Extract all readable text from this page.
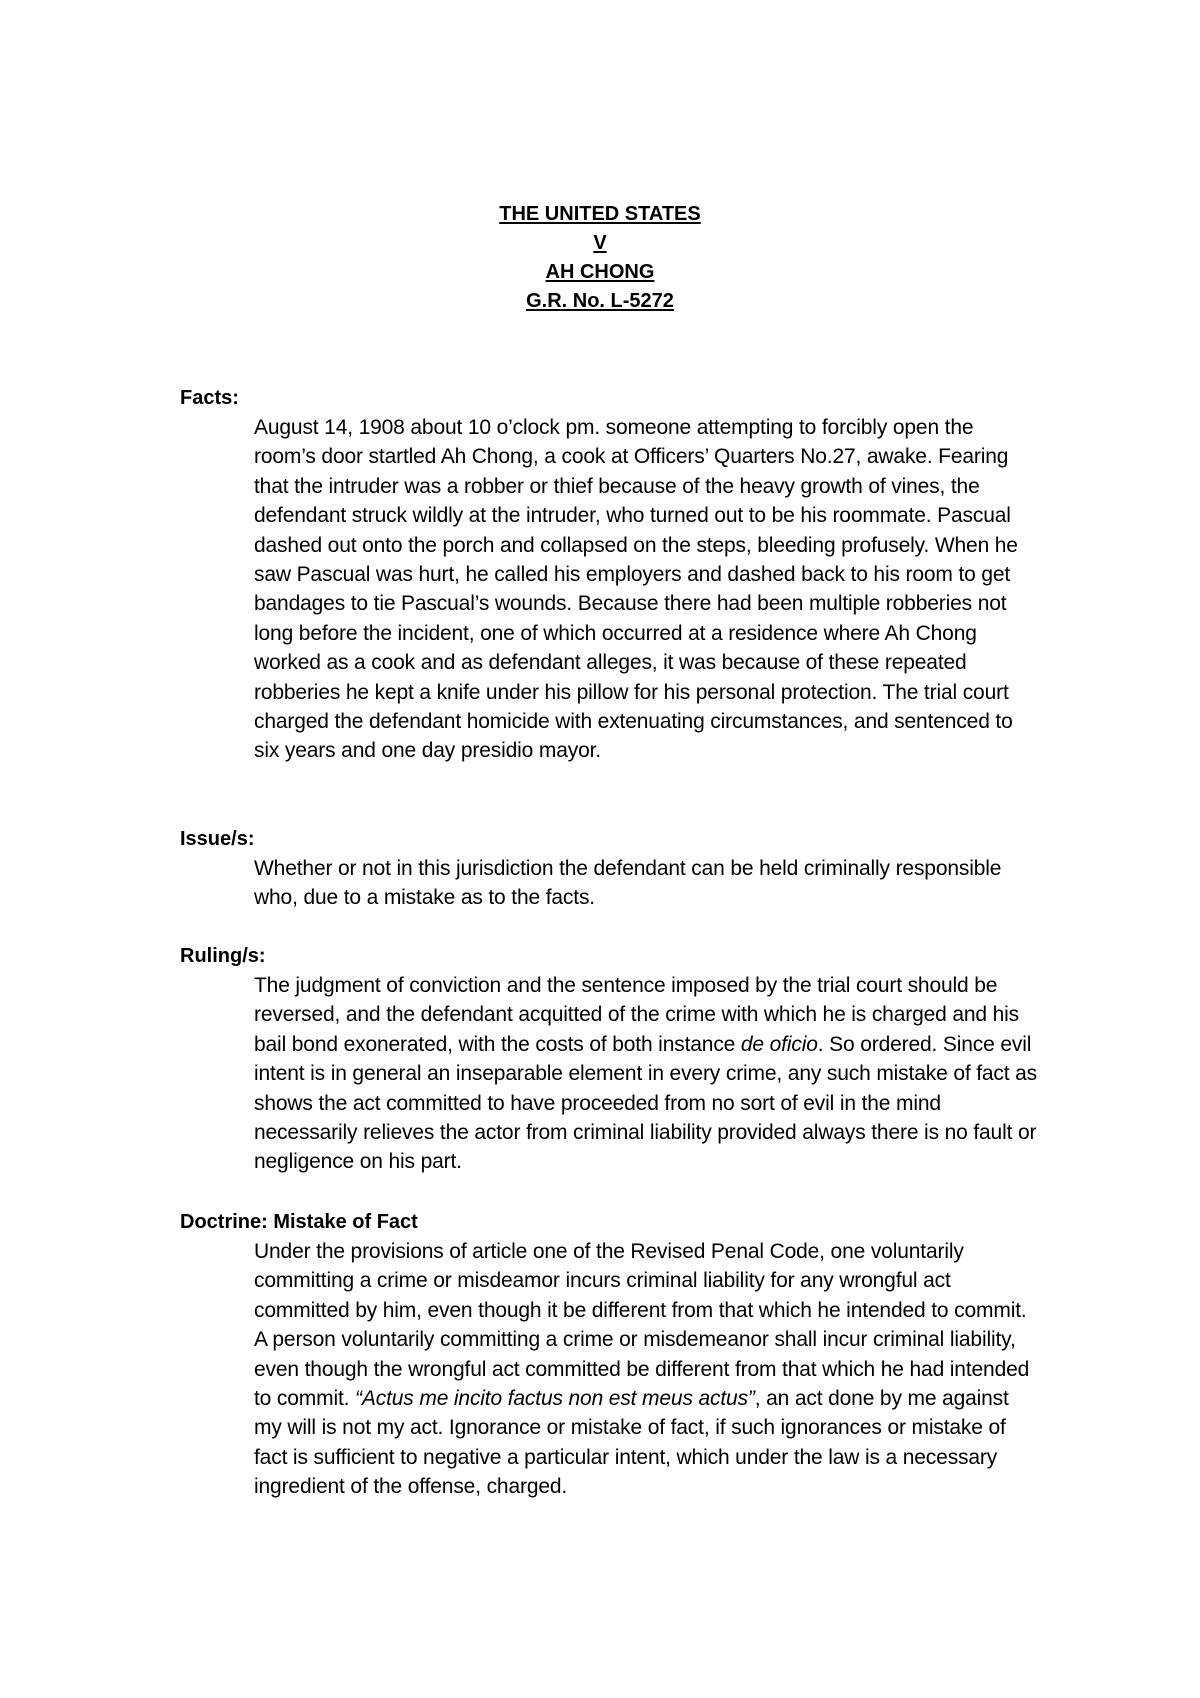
THE UNITED STATES
V
AH CHONG
G.R. No. L-5272

Facts:

August 14, 1908 about 10 o’clock pm. someone attempting to forcibly open the room’s door startled Ah Chong, a cook at Officers’ Quarters No.27, awake. Fearing that the intruder was a robber or thief because of the heavy growth of vines, the defendant struck wildly at the intruder, who turned out to be his roommate. Pascual dashed out onto the porch and collapsed on the steps, bleeding profusely. When he saw Pascual was hurt, he called his employers and dashed back to his room to get bandages to tie Pascual’s wounds. Because there had been multiple robberies not long before the incident, one of which occurred at a residence where Ah Chong worked as a cook and as defendant alleges, it was because of these repeated robberies he kept a knife under his pillow for his personal protection. The trial court charged the defendant homicide with extenuating circumstances, and sentenced to six years and one day presidio mayor.

Issue/s:

Whether or not in this jurisdiction the defendant can be held criminally responsible who, due to a mistake as to the facts.

Ruling/s:

The judgment of conviction and the sentence imposed by the trial court should be reversed, and the defendant acquitted of the crime with which he is charged and his bail bond exonerated, with the costs of both instance de oficio. So ordered. Since evil intent is in general an inseparable element in every crime, any such mistake of fact as shows the act committed to have proceeded from no sort of evil in the mind necessarily relieves the actor from criminal liability provided always there is no fault or negligence on his part.

Doctrine: Mistake of Fact

Under the provisions of article one of the Revised Penal Code, one voluntarily committing a crime or misdeamor incurs criminal liability for any wrongful act committed by him, even though it be different from that which he intended to commit. A person voluntarily committing a crime or misdemeanor shall incur criminal liability, even though the wrongful act committed be different from that which he had intended to commit. “Actus me incito factus non est meus actus”, an act done by me against my will is not my act. Ignorance or mistake of fact, if such ignorances or mistake of fact is sufficient to negative a particular intent, which under the law is a necessary ingredient of the offense, charged.
